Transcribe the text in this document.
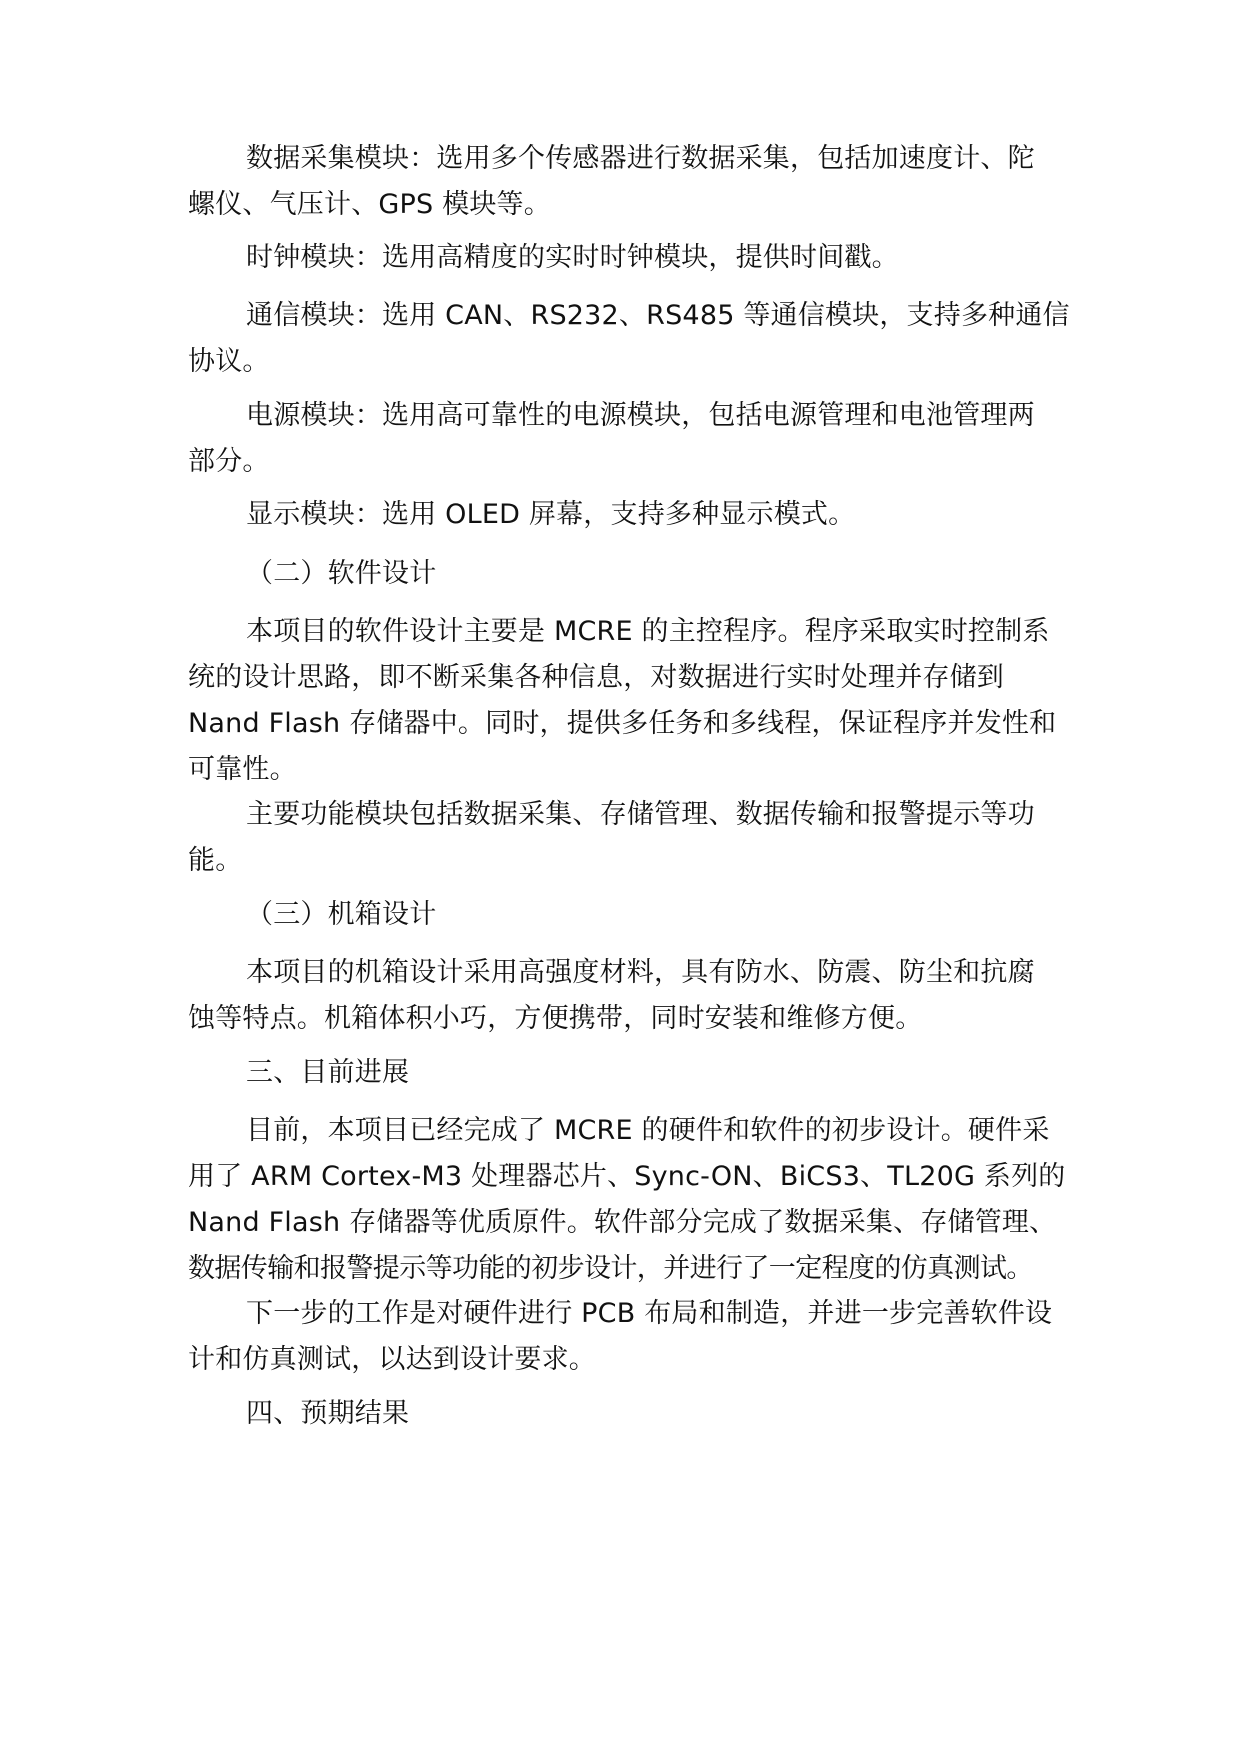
数据采集模块：选用多个传感器进行数据采集，包括加速度计、陀
螺仪、气压计、GPS 模块等。
时钟模块：选用高精度的实时时钟模块，提供时间戳。
通信模块：选用 CAN、RS232、RS485 等通信模块，支持多种通信
协议。
电源模块：选用高可靠性的电源模块，包括电源管理和电池管理两
部分。
显示模块：选用 OLED 屏幕，支持多种显示模式。
（二）软件设计
本项目的软件设计主要是 MCRE 的主控程序。程序采取实时控制系
统的设计思路，即不断采集各种信息，对数据进行实时处理并存储到
Nand Flash 存储器中。同时，提供多任务和多线程，保证程序并发性和
可靠性。
主要功能模块包括数据采集、存储管理、数据传输和报警提示等功
能。
（三）机箱设计
本项目的机箱设计采用高强度材料，具有防水、防震、防尘和抗腐
蚀等特点。机箱体积小巧，方便携带，同时安装和维修方便。
三、目前进展
目前，本项目已经完成了 MCRE 的硬件和软件的初步设计。硬件采
用了 ARM Cortex-M3 处理器芯片、Sync-ON、BiCS3、TL20G 系列的
Nand Flash 存储器等优质原件。软件部分完成了数据采集、存储管理、
数据传输和报警提示等功能的初步设计，并进行了一定程度的仿真测试。
下一步的工作是对硬件进行 PCB 布局和制造，并进一步完善软件设
计和仿真测试，以达到设计要求。
四、预期结果
